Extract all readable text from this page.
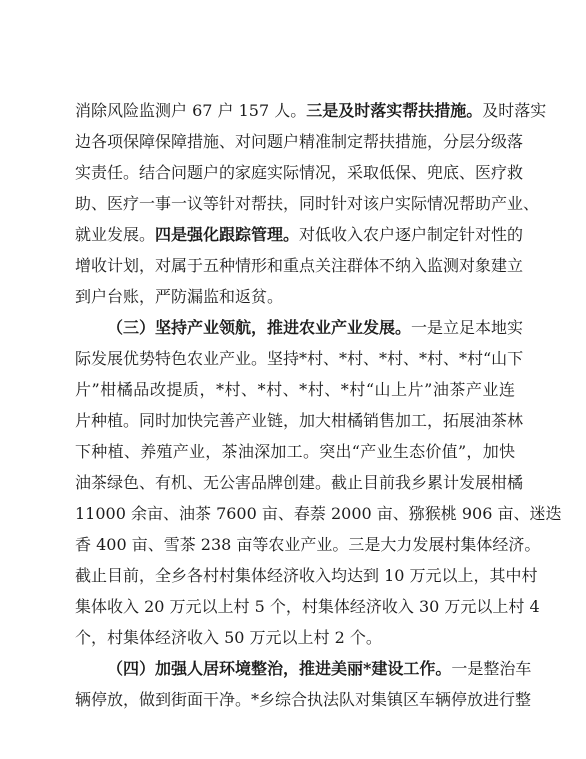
消除风险监测户 67 户 157 人。三是及时落实帮扶措施。及时落实
边各项保障保障措施、对问题户精准制定帮扶措施，分层分级落
实责任。结合问题户的家庭实际情况，采取低保、兜底、医疗救
助、医疗一事一议等针对帮扶，同时针对该户实际情况帮助产业、
就业发展。四是强化跟踪管理。对低收入农户逐户制定针对性的
增收计划，对属于五种情形和重点关注群体不纳入监测对象建立
到户台账，严防漏监和返贫。
（三）坚持产业领航，推进农业产业发展。一是立足本地实
际发展优势特色农业产业。坚持*村、*村、*村、*村、*村“山下
片”柑橘品改提质，*村、*村、*村、*村“山上片”油茶产业连
片种植。同时加快完善产业链，加大柑橘销售加工，拓展油茶林
下种植、养殖产业，茶油深加工。突出“产业生态价值”，加快
油茶绿色、有机、无公害品牌创建。截止目前我乡累计发展柑橘
11000 余亩、油茶 7600 亩、春萘 2000 亩、猕猴桃 906 亩、迷迭
香 400 亩、雪茶 238 亩等农业产业。三是大力发展村集体经济。
截止目前，全乡各村村集体经济收入均达到 10 万元以上，其中村
集体收入 20 万元以上村 5 个，村集体经济收入 30 万元以上村 4
个，村集体经济收入 50 万元以上村 2 个。
（四）加强人居环境整治，推进美丽*建设工作。一是整治车
辆停放，做到街面干净。*乡综合执法队对集镇区车辆停放进行整
